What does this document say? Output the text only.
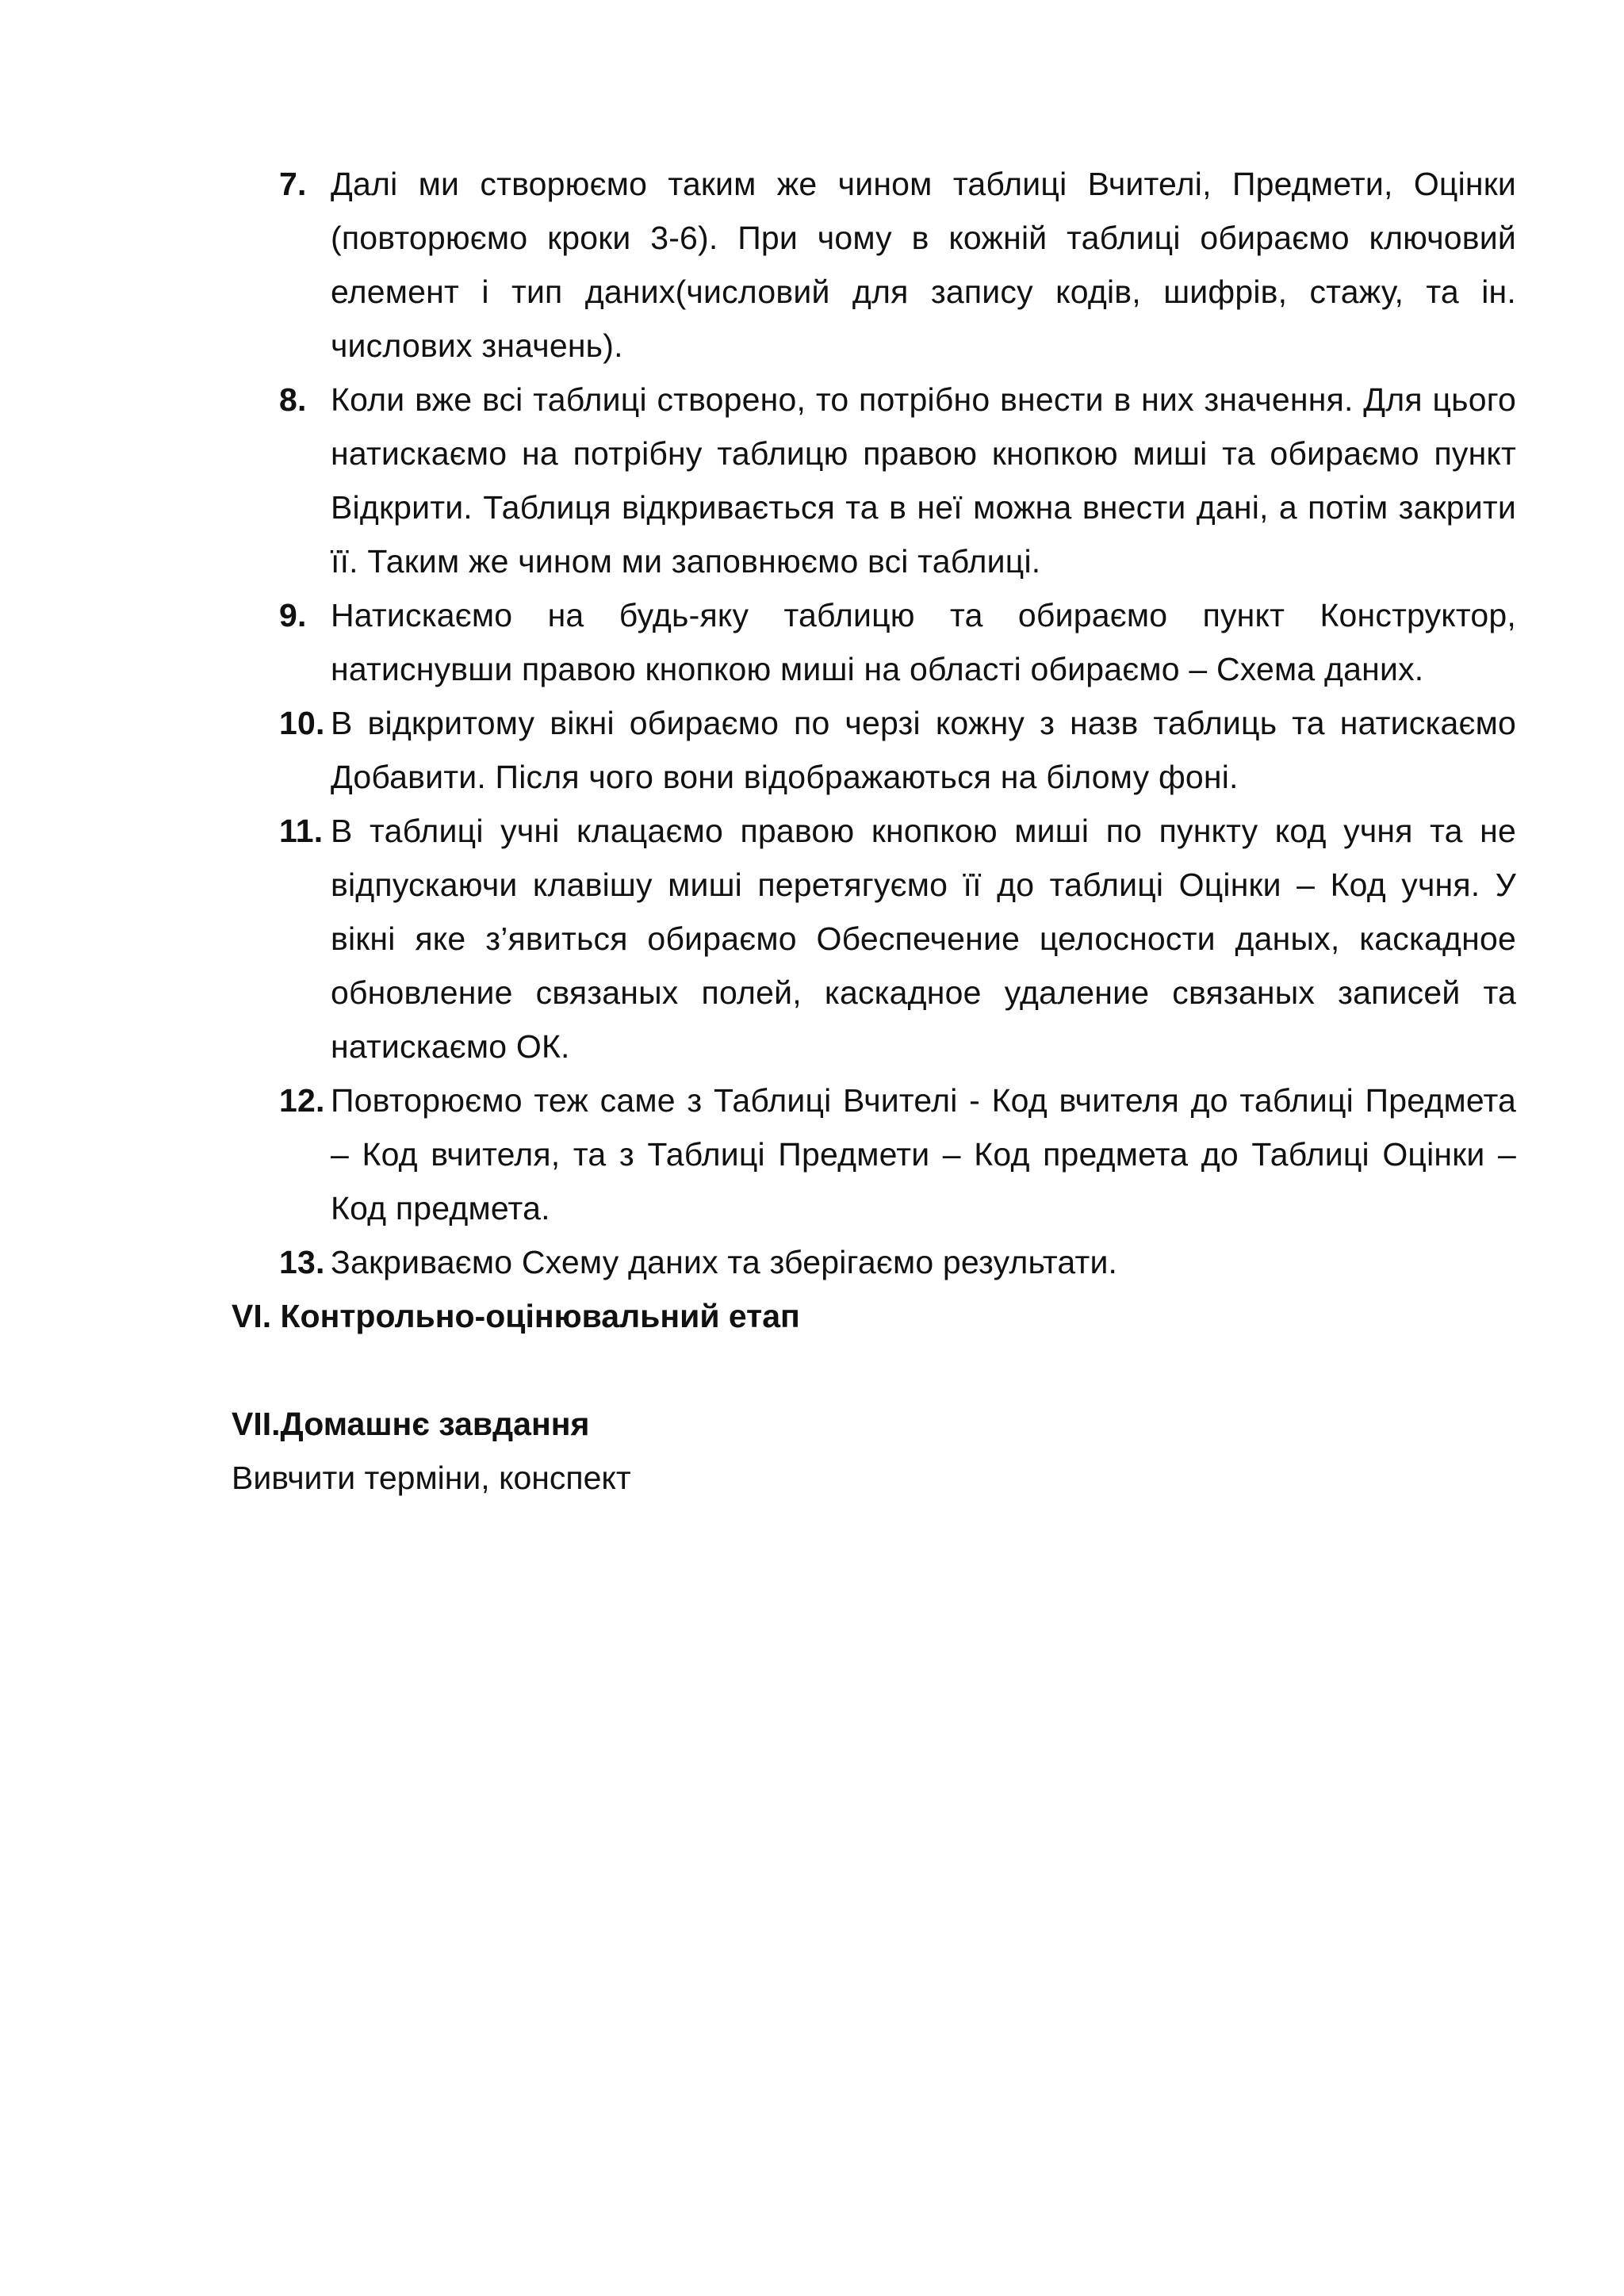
7. Далі ми створюємо таким же чином таблиці Вчителі, Предмети, Оцінки (повторюємо кроки 3-6). При чому в кожній таблиці обираємо ключовий елемент і тип даних(числовий для запису кодів, шифрів, стажу, та ін. числових значень).
8. Коли вже всі таблиці створено, то потрібно внести в них значення. Для цього натискаємо на потрібну таблицю правою кнопкою миші та обираємо пункт Відкрити. Таблиця відкривається та в неї можна внести дані, а потім закрити її. Таким же чином ми заповнюємо всі таблиці.
9. Натискаємо на будь-яку таблицю та обираємо пункт Конструктор, натиснувши правою кнопкою миші на області обираємо – Схема даних.
10. В відкритому вікні обираємо по черзі кожну з назв таблиць та натискаємо Добавити. Після чого вони відображаються на білому фоні.
11. В таблиці учні клацаємо правою кнопкою миші по пункту код учня та не відпускаючи клавішу миші перетягуємо її до таблиці Оцінки – Код учня. У вікні яке з’явиться обираємо Обеспечение целосности даных, каскадное обновление связаных полей, каскадное удаление связаных записей та натискаємо ОК.
12. Повторюємо теж саме з Таблиці Вчителі - Код вчителя до таблиці Предмета – Код вчителя, та з Таблиці Предмети – Код предмета до Таблиці Оцінки – Код предмета.
13. Закриваємо Схему даних та зберігаємо результати.
VI. Контрольно-оцінювальний етап
VII.Домашнє завдання

Вивчити терміни, конспект
